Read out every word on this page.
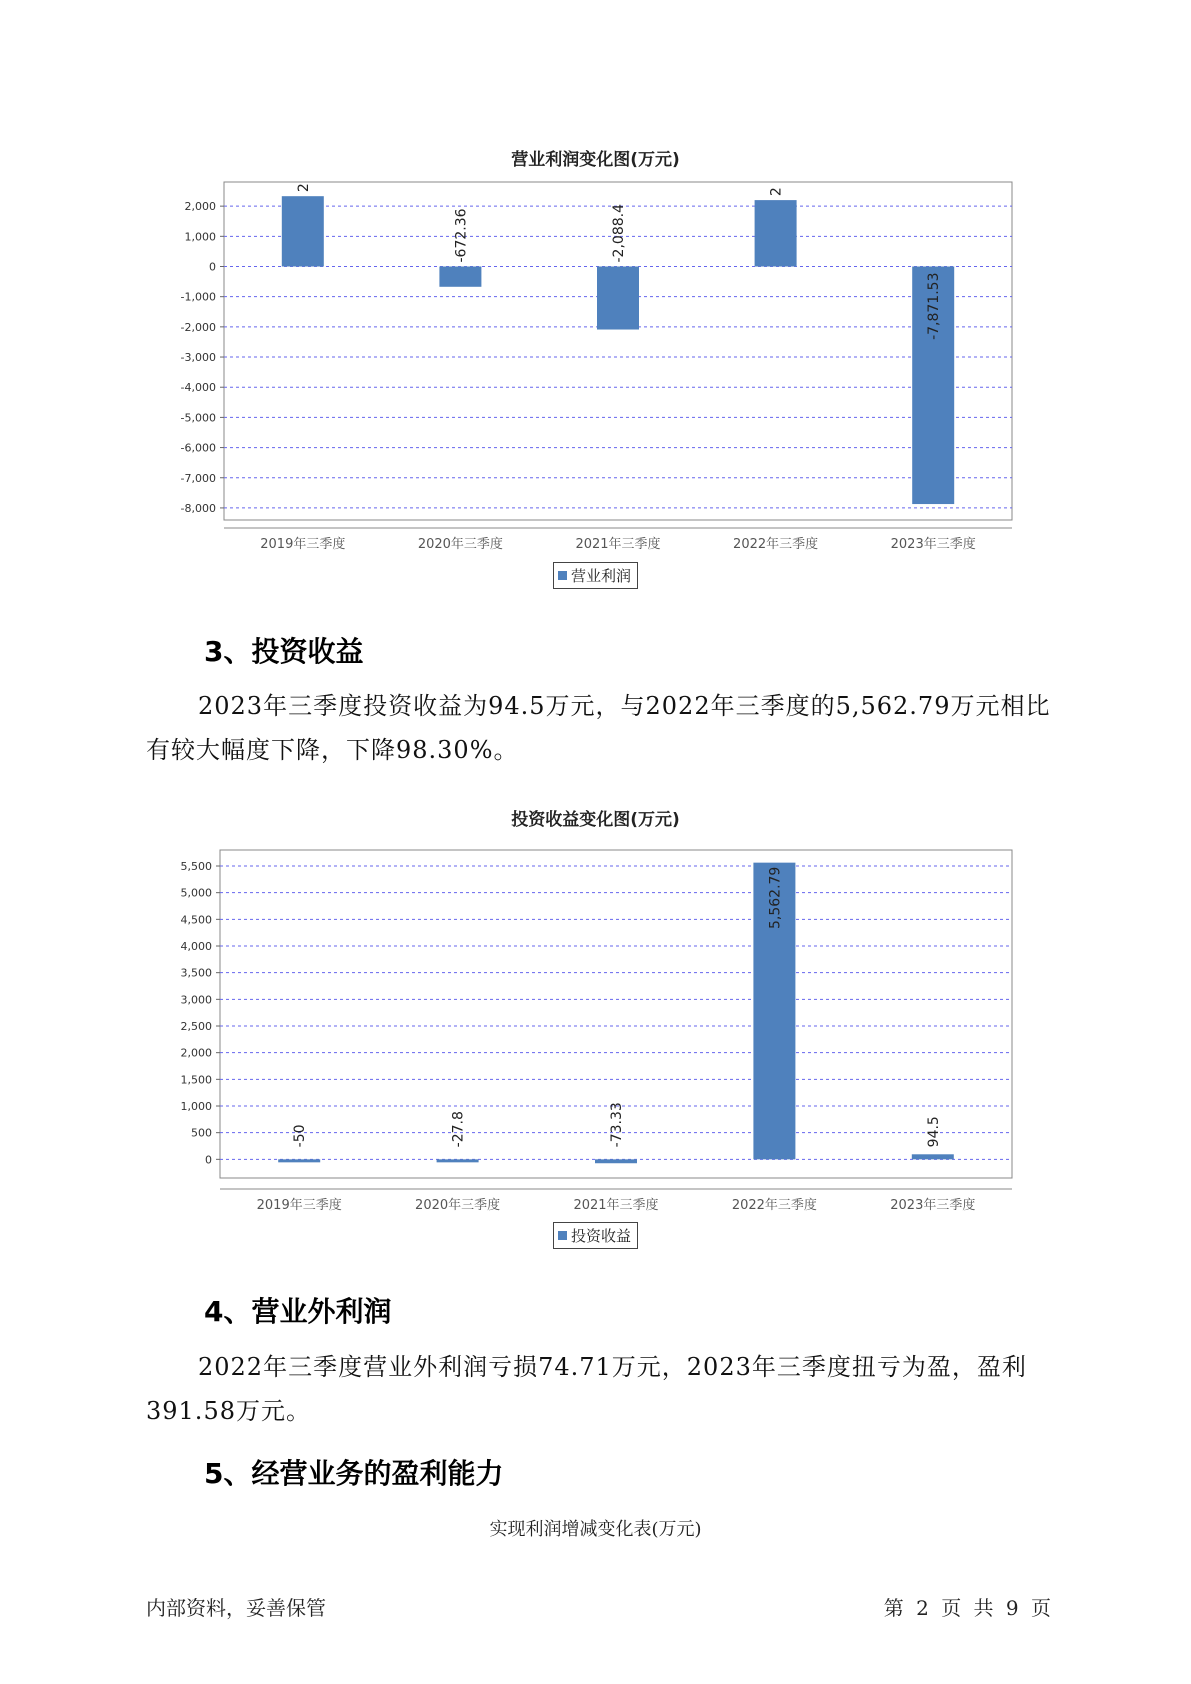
营业利润变化图(万元)
2,000
1,000
0
-1,000
-2,000
-3,000
-4,000
-5,000
-6,000
-7,000
-8,000
2
2019年三季度
-672.36
2020年三季度
-2,088.4
2021年三季度
2
2022年三季度
-7,871.53
2023年三季度
营业利润
3、投资收益

2023年三季度投资收益为94.5万元，与2022年三季度的5,562.79万元相比有较大幅度下降，下降98.30%。

投资收益变化图(万元)
5,500
5,000
4,500
4,000
3,500
3,000
2,500
2,000
1,500
1,000
500
0
-50
2019年三季度
-27.8
2020年三季度
-73.33
2021年三季度
5,562.79
2022年三季度
94.5
2023年三季度
投资收益
4、营业外利润

2022年三季度营业外利润亏损74.71万元，2023年三季度扭亏为盈，盈利391.58万元。

5、经营业务的盈利能力
实现利润增减变化表(万元)
内部资料，妥善保管	第 2 页 共 9 页
